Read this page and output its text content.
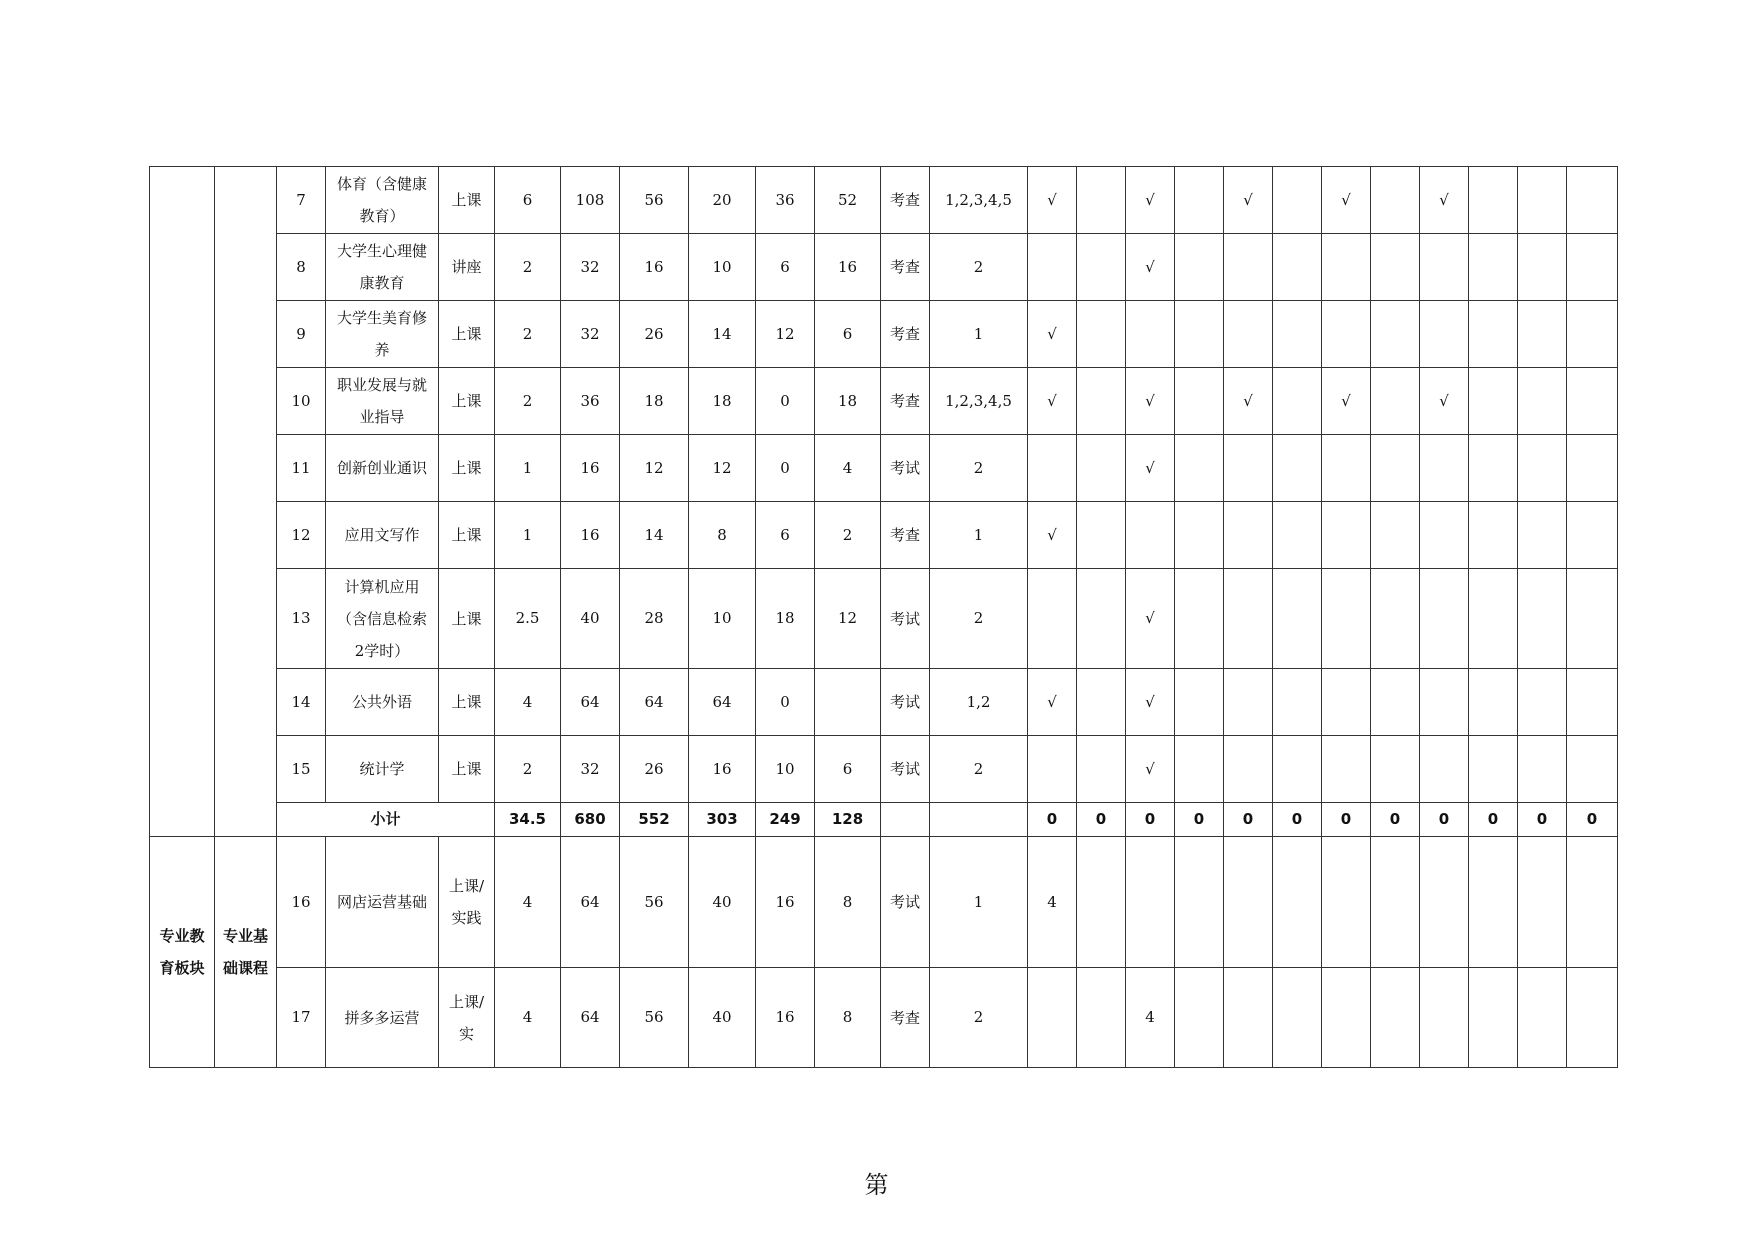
		7	体育（含健康教育）	上课	6	108	56	20	36	52	考查	1,2,3,4,5	√		√		√		√		√			
		8	大学生心理健康教育	讲座	2	32	16	10	6	16	考查	2			√									
		9	大学生美育修养	上课	2	32	26	14	12	6	考查	1	√											
		10	职业发展与就业指导	上课	2	36	18	18	0	18	考查	1,2,3,4,5	√		√		√		√		√			
		11	创新创业通识	上课	1	16	12	12	0	4	考试	2			√									
		12	应用文写作	上课	1	16	14	8	6	2	考查	1	√											
		13	计算机应用（含信息检索2学时）	上课	2.5	40	28	10	18	12	考试	2			√									
		14	公共外语	上课	4	64	64	64	0		考试	1,2	√		√									
		15	统计学	上课	2	32	26	16	10	6	考试	2			√									
		小计			34.5	680	552	303	249	128			0	0	0	0	0	0	0	0	0	0	0	0
专业教育板块	专业基础课程	16	网店运营基础	上课/实践	4	64	56	40	16	8	考试	1	4											
		17	拼多多运营	上课/实	4	64	56	40	16	8	考查	2			4									
第
